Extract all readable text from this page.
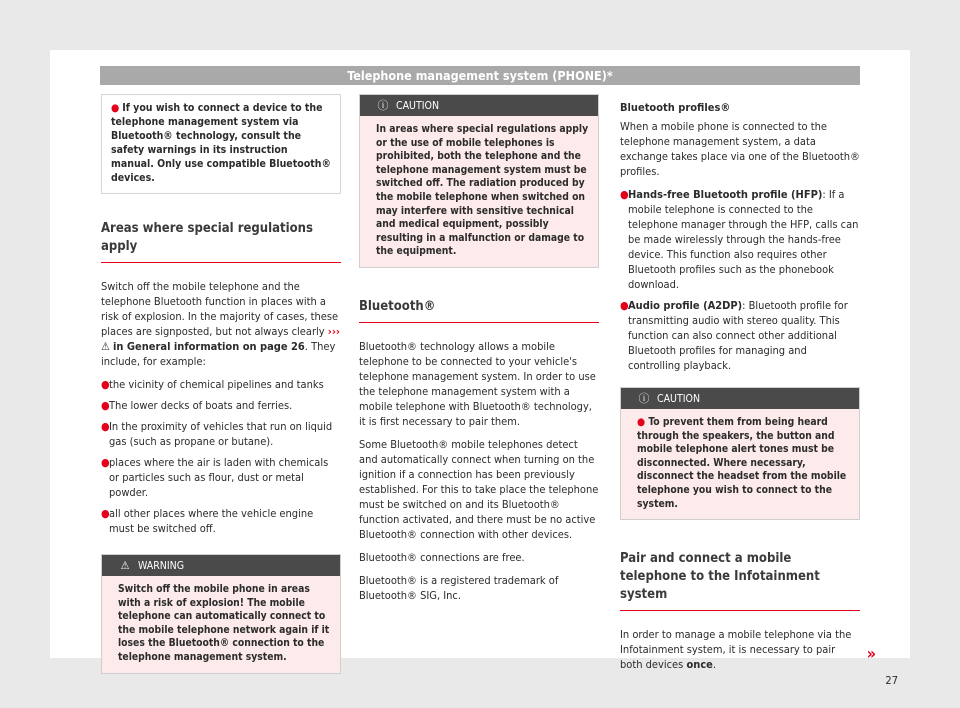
Telephone management system (PHONE)*
● If you wish to connect a device to the telephone management system via Bluetooth® technology, consult the safety warnings in its instruction manual. Only use compatible Bluetooth® devices.
Areas where special regulations apply

Switch off the mobile telephone and the telephone Bluetooth function in places with a risk of explosion. In the majority of cases, these places are signposted, but not always clearly ››› ⚠ in General information on page 26. They include, for example:

● the vicinity of chemical pipelines and tanks
● The lower decks of boats and ferries.
● In the proximity of vehicles that run on liquid gas (such as propane or butane).
● places where the air is laden with chemicals or particles such as flour, dust or metal powder.
● all other places where the vehicle engine must be switched off.
⚠ WARNING
Switch off the mobile phone in areas with a risk of explosion! The mobile telephone can automatically connect to the mobile telephone network again if it loses the Bluetooth® connection to the telephone management system.
ⓘ CAUTION
In areas where special regulations apply or the use of mobile telephones is prohibited, both the telephone and the telephone management system must be switched off. The radiation produced by the mobile telephone when switched on may interfere with sensitive technical and medical equipment, possibly resulting in a malfunction or damage to the equipment.
Bluetooth®

Bluetooth® technology allows a mobile telephone to be connected to your vehicle's telephone management system. In order to use the telephone management system with a mobile telephone with Bluetooth® technology, it is first necessary to pair them.

Some Bluetooth® mobile telephones detect and automatically connect when turning on the ignition if a connection has been previously established. For this to take place the telephone must be switched on and its Bluetooth® function activated, and there must be no active Bluetooth® connection with other devices.

Bluetooth® connections are free.

Bluetooth® is a registered trademark of Bluetooth® SIG, Inc.

Bluetooth profiles®

When a mobile phone is connected to the telephone management system, a data exchange takes place via one of the Bluetooth® profiles.

● Hands-free Bluetooth profile (HFP): If a mobile telephone is connected to the telephone manager through the HFP, calls can be made wirelessly through the hands-free device. This function also requires other Bluetooth profiles such as the phonebook download.
● Audio profile (A2DP): Bluetooth profile for transmitting audio with stereo quality. This function can also connect other additional Bluetooth profiles for managing and controlling playback.
ⓘ CAUTION
● To prevent them from being heard through the speakers, the button and mobile telephone alert tones must be disconnected. Where necessary, disconnect the headset from the mobile telephone you wish to connect to the system.
Pair and connect a mobile telephone to the Infotainment system

In order to manage a mobile telephone via the Infotainment system, it is necessary to pair both devices once.

»
27
